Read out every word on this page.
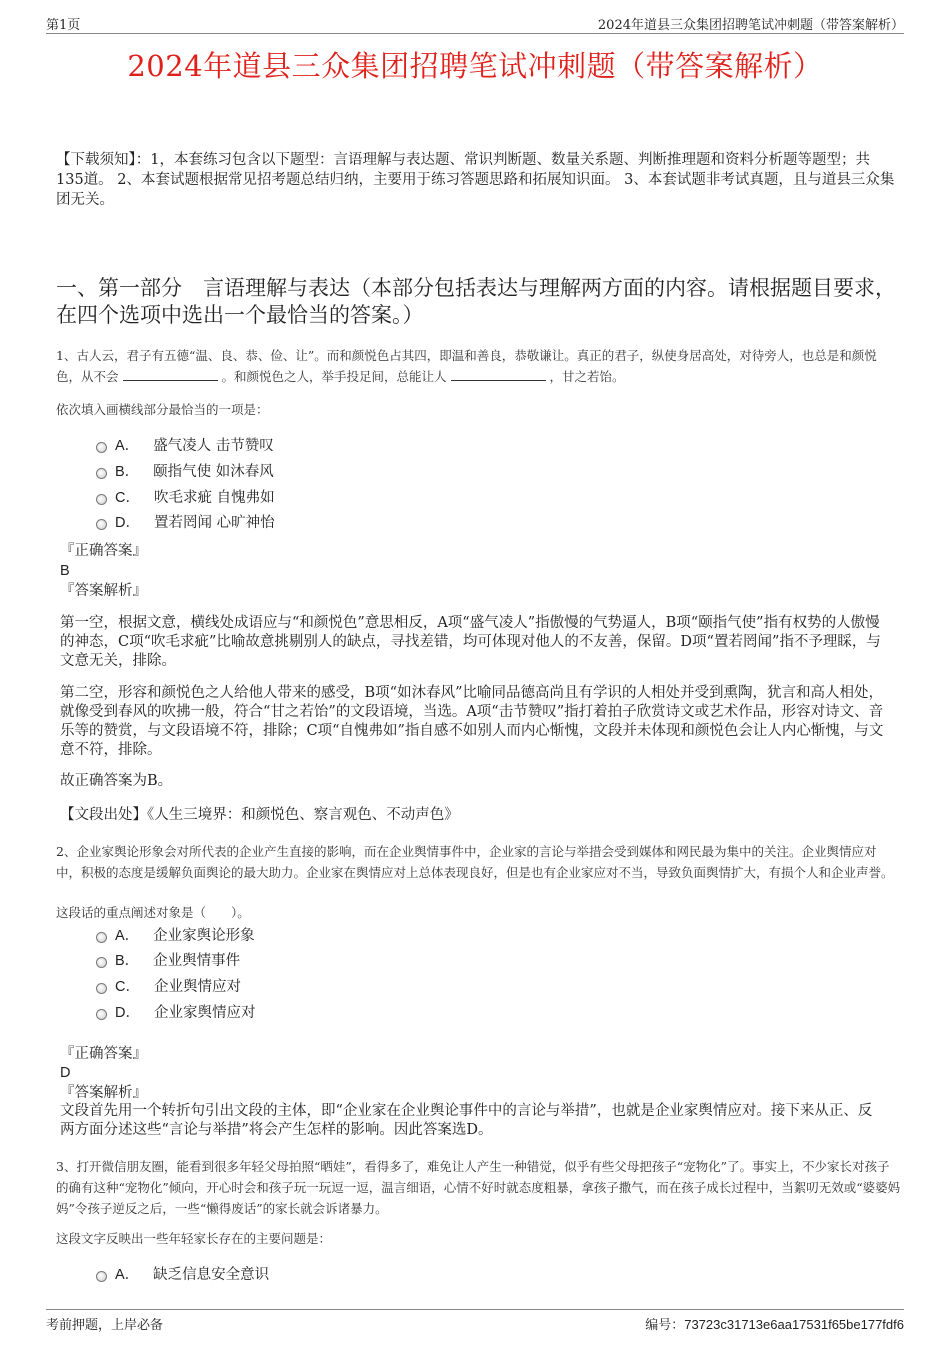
第1页	2024年道县三众集团招聘笔试冲刺题（带答案解析）
2024年道县三众集团招聘笔试冲刺题（带答案解析）
【下载须知】：1，本套练习包含以下题型：言语理解与表达题、常识判断题、数量关系题、判断推理题和资料分析题等题型；共135道。 2、本套试题根据常见招考题总结归纳，主要用于练习答题思路和拓展知识面。 3、本套试题非考试真题，且与道县三众集团无关。
一、第一部分　言语理解与表达（本部分包括表达与理解两方面的内容。请根据题目要求，在四个选项中选出一个最恰当的答案。）
1、古人云，君子有五德“温、良、恭、俭、让”。而和颜悦色占其四，即温和善良，恭敬谦让。真正的君子，纵使身居高处，对待旁人，也总是和颜悦色，从不会	。和颜悦色之人，举手投足间，总能让人	，甘之若饴。
依次填入画横线部分最恰当的一项是：
A． 盛气凌人 击节赞叹
B． 颐指气使 如沐春风
C． 吹毛求疵 自愧弗如
D． 置若罔闻 心旷神怡
『正确答案』
B
『答案解析』
第一空，根据文意，横线处成语应与“和颜悦色”意思相反，A项“盛气凌人”指傲慢的气势逼人，B项“颐指气使”指有权势的人傲慢的神态，C项“吹毛求疵”比喻故意挑剔别人的缺点，寻找差错，均可体现对他人的不友善，保留。D项“置若罔闻”指不予理睬，与文意无关，排除。
第二空，形容和颜悦色之人给他人带来的感受，B项“如沐春风”比喻同品德高尚且有学识的人相处并受到熏陶，犹言和高人相处，就像受到春风的吹拂一般，符合“甘之若饴”的文段语境，当选。A项“击节赞叹”指打着拍子欣赏诗文或艺术作品，形容对诗文、音乐等的赞赏，与文段语境不符，排除；C项“自愧弗如”指自感不如别人而内心惭愧，文段并未体现和颜悦色会让人内心惭愧，与文意不符，排除。
故正确答案为B。
【文段出处】《人生三境界：和颜悦色、察言观色、不动声色》
2、企业家舆论形象会对所代表的企业产生直接的影响，而在企业舆情事件中，企业家的言论与举措会受到媒体和网民最为集中的关注。企业舆情应对中，积极的态度是缓解负面舆论的最大助力。企业家在舆情应对上总体表现良好，但是也有企业家应对不当，导致负面舆情扩大，有损个人和企业声誉。
这段话的重点阐述对象是（　　）。
A． 企业家舆论形象
B． 企业舆情事件
C． 企业舆情应对
D． 企业家舆情应对
『正确答案』
D
『答案解析』
文段首先用一个转折句引出文段的主体，即“企业家在企业舆论事件中的言论与举措”，也就是企业家舆情应对。接下来从正、反两方面分述这些“言论与举措”将会产生怎样的影响。因此答案选D。
3、打开微信朋友圈，能看到很多年轻父母拍照“晒娃”，看得多了，难免让人产生一种错觉，似乎有些父母把孩子“宠物化”了。事实上，不少家长对孩子的确有这种“宠物化”倾向，开心时会和孩子玩一玩逗一逗，温言细语，心情不好时就态度粗暴，拿孩子撒气，而在孩子成长过程中，当絮叨无效或“婆婆妈妈”令孩子逆反之后，一些“懒得废话”的家长就会诉诸暴力。
这段文字反映出一些年轻家长存在的主要问题是：
A． 缺乏信息安全意识
考前押题，上岸必备	编号：73723c31713e6aa17531f65be177fdf6
